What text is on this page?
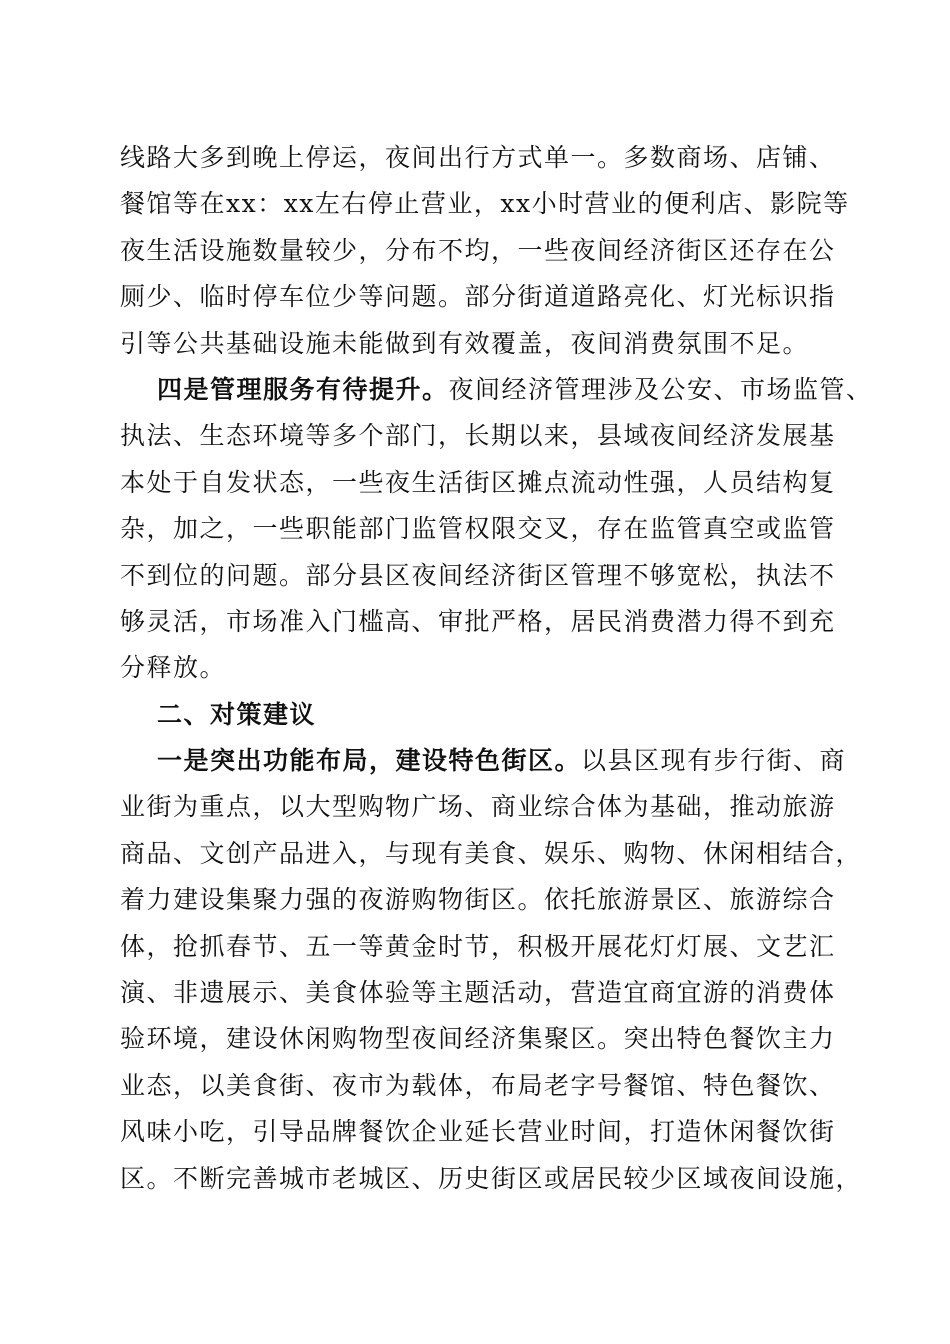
线路大多到晚上停运，夜间出行方式单一。多数商场、店铺、
餐馆等在xx：xx左右停止营业，xx小时营业的便利店、影院等
夜生活设施数量较少，分布不均，一些夜间经济街区还存在公
厕少、临时停车位少等问题。部分街道道路亮化、灯光标识指
引等公共基础设施未能做到有效覆盖，夜间消费氛围不足。
四是管理服务有待提升。夜间经济管理涉及公安、市场监管、
执法、生态环境等多个部门，长期以来，县域夜间经济发展基
本处于自发状态，一些夜生活街区摊点流动性强，人员结构复
杂，加之，一些职能部门监管权限交叉，存在监管真空或监管
不到位的问题。部分县区夜间经济街区管理不够宽松，执法不
够灵活，市场准入门槛高、审批严格，居民消费潜力得不到充
分释放。
二、对策建议
一是突出功能布局，建设特色街区。以县区现有步行街、商
业街为重点，以大型购物广场、商业综合体为基础，推动旅游
商品、文创产品进入，与现有美食、娱乐、购物、休闲相结合，
着力建设集聚力强的夜游购物街区。依托旅游景区、旅游综合
体，抢抓春节、五一等黄金时节，积极开展花灯灯展、文艺汇
演、非遗展示、美食体验等主题活动，营造宜商宜游的消费体
验环境，建设休闲购物型夜间经济集聚区。突出特色餐饮主力
业态，以美食街、夜市为载体，布局老字号餐馆、特色餐饮、
风味小吃，引导品牌餐饮企业延长营业时间，打造休闲餐饮街
区。不断完善城市老城区、历史街区或居民较少区域夜间设施，
